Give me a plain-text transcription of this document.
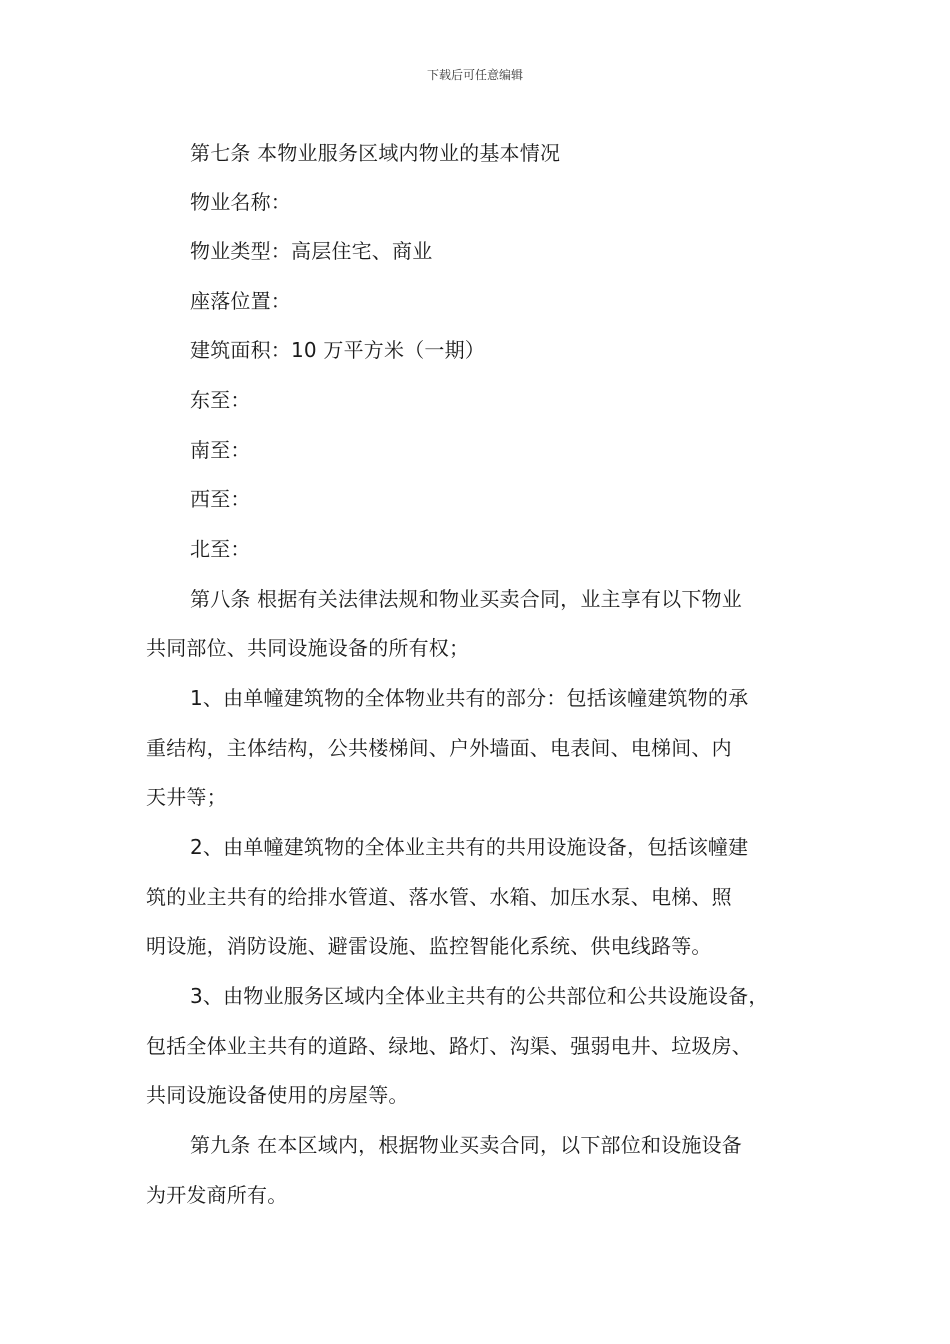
下载后可任意编辑
第七条 本物业服务区域内物业的基本情况
物业名称：
物业类型：高层住宅、商业
座落位置：
建筑面积：10 万平方米（一期）
东至：
南至：
西至：
北至：
第八条 根据有关法律法规和物业买卖合同，业主享有以下物业
共同部位、共同设施设备的所有权；
1、由单幢建筑物的全体物业共有的部分：包括该幢建筑物的承
重结构，主体结构，公共楼梯间、户外墙面、电表间、电梯间、内
天井等；
2、由单幢建筑物的全体业主共有的共用设施设备，包括该幢建
筑的业主共有的给排水管道、落水管、水箱、加压水泵、电梯、照
明设施，消防设施、避雷设施、监控智能化系统、供电线路等。
3、由物业服务区域内全体业主共有的公共部位和公共设施设备，
包括全体业主共有的道路、绿地、路灯、沟渠、强弱电井、垃圾房、
共同设施设备使用的房屋等。
第九条 在本区域内，根据物业买卖合同，以下部位和设施设备
为开发商所有。
